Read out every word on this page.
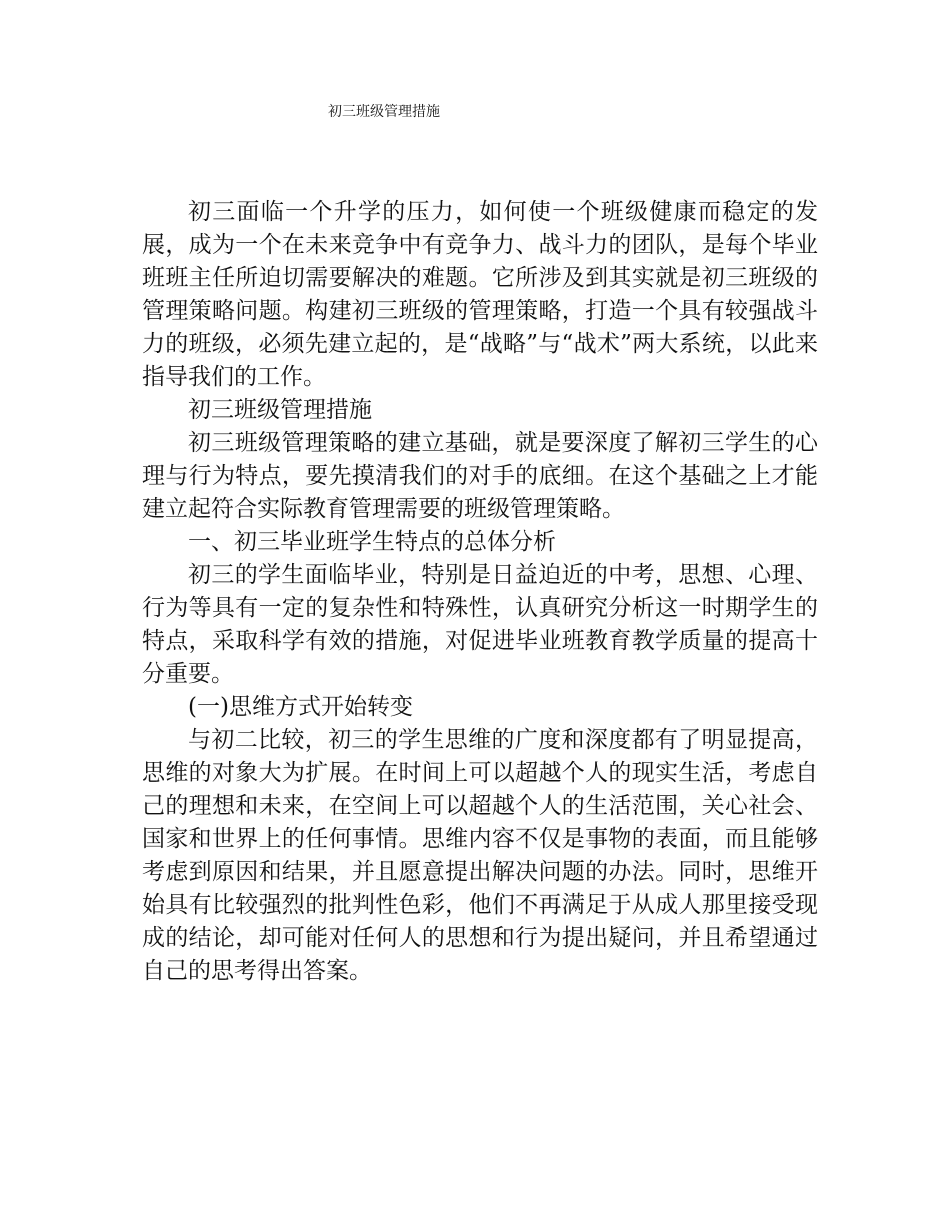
初三班级管理措施

初三面临一个升学的压力，如何使一个班级健康而稳定的发展，成为一个在未来竞争中有竞争力、战斗力的团队，是每个毕业班班主任所迫切需要解决的难题。它所涉及到其实就是初三班级的管理策略问题。构建初三班级的管理策略，打造一个具有较强战斗力的班级，必须先建立起的，是“战略”与“战术”两大系统，以此来指导我们的工作。

初三班级管理措施

初三班级管理策略的建立基础，就是要深度了解初三学生的心理与行为特点，要先摸清我们的对手的底细。在这个基础之上才能建立起符合实际教育管理需要的班级管理策略。

一、初三毕业班学生特点的总体分析

初三的学生面临毕业，特别是日益迫近的中考，思想、心理、行为等具有一定的复杂性和特殊性，认真研究分析这一时期学生的特点，采取科学有效的措施，对促进毕业班教育教学质量的提高十分重要。

(一)思维方式开始转变

与初二比较，初三的学生思维的广度和深度都有了明显提高，思维的对象大为扩展。在时间上可以超越个人的现实生活，考虑自己的理想和未来，在空间上可以超越个人的生活范围，关心社会、国家和世界上的任何事情。思维内容不仅是事物的表面，而且能够考虑到原因和结果，并且愿意提出解决问题的办法。同时，思维开始具有比较强烈的批判性色彩，他们不再满足于从成人那里接受现成的结论，却可能对任何人的思想和行为提出疑问，并且希望通过自己的思考得出答案。
